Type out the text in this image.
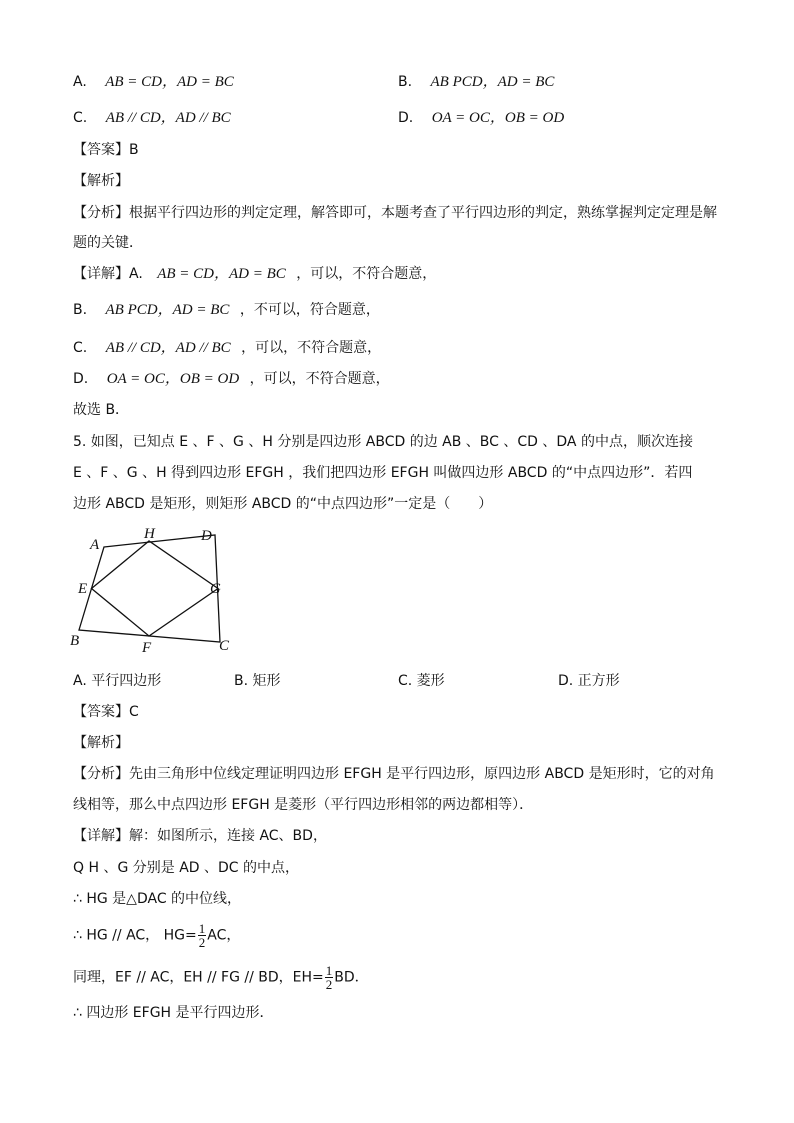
A. AB = CD，AD = BC	B. AB PCD，AD = BC
C. AB // CD，AD // BC	D. OA = OC，OB = OD
【答案】B
【解析】
【分析】根据平行四边形的判定定理，解答即可，本题考查了平行四边形的判定，熟练掌握判定定理是解
题的关键．
【详解】A. AB = CD，AD = BC ，可以，不符合题意，
B. AB PCD，AD = BC ，不可以，符合题意，
C. AB // CD，AD // BC ，可以，不符合题意，
D. OA = OC，OB = OD ，可以，不符合题意，
故选 B．
5. 如图，已知点 E 、F 、G 、H 分别是四边形 ABCD 的边 AB 、BC 、CD 、DA 的中点，顺次连接
E 、F 、G 、H 得到四边形 EFGH ，我们把四边形 EFGH 叫做四边形 ABCD 的“中点四边形”．若四
边形 ABCD 是矩形，则矩形 ABCD 的“中点四边形”一定是（　　）
A
H	D
E	G
B	F	C
A. 平行四边形	B. 矩形	C. 菱形	D. 正方形
【答案】C
【解析】
【分析】先由三角形中位线定理证明四边形 EFGH 是平行四边形，原四边形 ABCD 是矩形时，它的对角
线相等，那么中点四边形 EFGH 是菱形（平行四边形相邻的两边都相等）．
【详解】解：如图所示，连接 AC、BD，
Q H 、G 分别是 AD 、DC 的中点，
∴ HG 是△DAC 的中位线，
∴ HG // AC， $HG= \frac{1}{2}$ AC，
同理，EF // AC，EH // FG // BD，$EH= \frac{1}{2}$ BD．
∴ 四边形 EFGH 是平行四边形．
